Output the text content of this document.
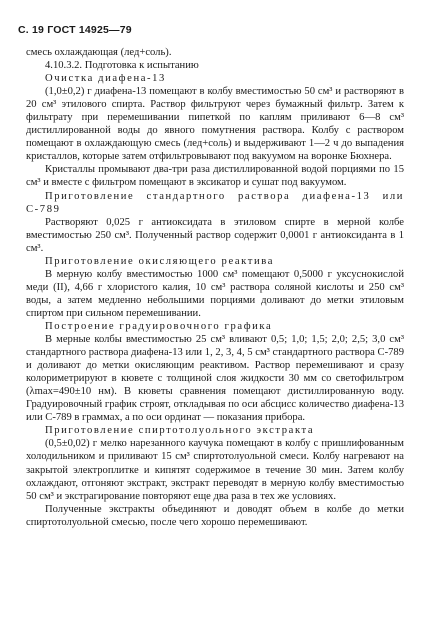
С. 19 ГОСТ 14925—79

смесь охлаждающая (лед+соль).

4.10.3.2. Подготовка к испытанию

Очистка диафена-13

(1,0±0,2) г диафена-13 помещают в колбу вместимостью 50 см³ и растворяют в 20 см³ этилового спирта. Раствор фильтруют через бумажный фильтр. Затем к фильтрату при перемешивании пипеткой по каплям приливают 6—8 см³ дистиллированной воды до явного помутнения раствора. Колбу с раствором помещают в охлаждающую смесь (лед+соль) и выдерживают 1—2 ч до выпадения кристаллов, которые затем отфильтровывают под вакуумом на воронке Бюхнера.

Кристаллы промывают два-три раза дистиллированной водой порциями по 15 см³ и вместе с фильтром помещают в эксикатор и сушат под вакуумом.

Приготовление стандартного раствора диафена-13 или С-789

Растворяют 0,025 г антиоксидата в этиловом спирте в мерной колбе вместимостью 250 см³. Полученный раствор содержит 0,0001 г антиоксиданта в 1 см³.

Приготовление окисляющего реактива

В мерную колбу вместимостью 1000 см³ помещают 0,5000 г уксуснокислой меди (II), 4,66 г хлористого калия, 10 см³ раствора соляной кислоты и 250 см³ воды, а затем медленно небольшими порциями доливают до метки этиловым спиртом при сильном перемешивании.

Построение градуировочного графика

В мерные колбы вместимостью 25 см³ вливают 0,5; 1,0; 1,5; 2,0; 2,5; 3,0 см³ стандартного раствора диафена-13 или 1, 2, 3, 4, 5 см³ стандартного раствора С-789 и доливают до метки окисляющим реактивом. Раствор перемешивают и сразу колориметрируют в кювете с толщиной слоя жидкости 30 мм со светофильтром (λmax=490±10 нм). В кюветы сравнения помещают дистиллированную воду. Градуировочный график строят, откладывая по оси абсцисс количество диафена-13 или С-789 в граммах, а по оси ординат — показания прибора.

Приготовление спиртотолуольного экстракта

(0,5±0,02) г мелко нарезанного каучука помещают в колбу с пришлифованным холодильником и приливают 15 см³ спиртотолуольной смеси. Колбу нагревают на закрытой электроплитке и кипятят содержимое в течение 30 мин. Затем колбу охлаждают, отгоняют экстракт, экстракт переводят в мерную колбу вместимостью 50 см³ и экстрагирование повторяют еще два раза в тех же условиях.

Полученные экстракты объединяют и доводят объем в колбе до метки спиртотолуольной смесью, после чего хорошо перемешивают.
